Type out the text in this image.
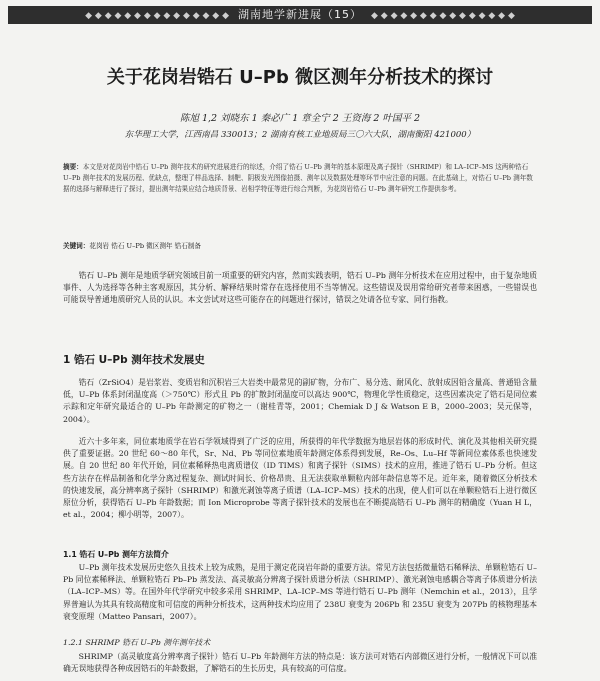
◆ ◆ ◆ ◆ ◆ ◆ ◆ ◆ ◆ ◆ ◆ ◆ ◆ ◆ ◆ 湖南地学新进展（15） ◆ ◆ ◆ ◆ ◆ ◆ ◆ ◆ ◆ ◆ ◆ ◆ ◆ ◆ ◆
关于花岗岩锆石 U–Pb 微区测年分析技术的探讨
陈旭 1,2 刘晓东 1 秦必广 1 章全宁 2 王资海 2 叶国平 2
东华理工大学，江西南昌 330013；2 湖南有核工业地质局三〇六大队，湖南衡阳 421000）
摘要：本文是对花岗岩中锆石 U–Pb 测年技术的研究进展进行的综述，介绍了锆石 U–Pb 测年的基本原理及离子探针（SHRIMP）和 LA–ICP–MS 这两种锆石 U–Pb 测年技术的发展历程、优缺点，整理了样品选择、制靶、阴极发光图像拍摄、测年以及数据处理等环节中应注意的问题。在此基础上，对锆石 U–Pb 测年数据的选择与解释进行了探讨，提出测年结果应结合地质背景、岩相学特征等进行综合判断，为花岗岩锆石 U–Pb 测年研究工作提供参考。
关键词：花岗岩 锆石 U–Pb 微区测年 锆石制备

锆石 U–Pb 测年是地质学研究领域目前一项重要的研究内容，然而实践表明，锆石 U–Pb 测年分析技术在应用过程中，由于复杂地质事件、人为选择等各种主客观原因，其分析、解释结果时常存在选择使用不当等情况。这些错误及误用常给研究者带来困惑，一些错误也可能误导普通地质研究人员的认识。本文尝试对这些可能存在的问题进行探讨，错误之处请各位专家、同行指教。

1 锆石 U–Pb 测年技术发展史

锆石（ZrSiO4）是岩浆岩、变质岩和沉积岩三大岩类中最常见的副矿物，分布广、易分选、耐风化、放射成因铅含量高、普通铅含量低，U–Pb 体系封闭温度高（＞750℃）形式且 Pb 的扩散封闭温度可以高达 900℃，物理化学性质稳定，这些因素决定了锆石是同位素示踪和定年研究最适合的 U–Pb 年龄测定的矿物之一（谢桂青等，2001；Chemiak D J & Watson E B，2000–2003；吴元保等，2004）。

近六十多年来，同位素地质学在岩石学领域得到了广泛的应用，所获得的年代学数据为地层岩体的形成时代、演化及其他相关研究提供了重要证据。20 世纪 60～80 年代，Sr、Nd、Pb 等同位素地质年龄测定体系得到发展，Re–Os、Lu–Hf 等新同位素体系也快速发展。自 20 世纪 80 年代开始，同位素稀释热电离质谱仪（ID TIMS）和离子探针（SIMS）技术的应用，推进了锆石 U–Pb 分析。但这些方法存在样品制备和化学分离过程复杂、测试时间长、价格昂贵、且无法获取单颗粒内部年龄信息等不足。近年来，随着微区分析技术的快速发展，高分辨率离子探针（SHRIMP）和激光剥蚀等离子质谱（LA–ICP–MS）技术的出现，使人们可以在单颗粒锆石上进行微区原位分析，获得锆石 U–Pb 年龄数据；而 Ion Microprobe 等离子探针技术的发展也在不断提高锆石 U–Pb 测年的精确度（Yuan H L，et al.，2004；柳小明等，2007）。

1.1 锆石 U–Pb 测年方法简介

U–Pb 测年技术发展历史悠久且技术上较为成熟，是用于测定花岗岩年龄的重要方法。常见方法包括微量锆石稀释法、单颗粒锆石 U–Pb 同位素稀释法、单颗粒锆石 Pb–Pb 蒸发法、高灵敏高分辨离子探针质谱分析法（SHRIMP）、激光剥蚀电感耦合等离子体质谱分析法（LA–ICP–MS）等。在国外年代学研究中较多采用 SHRIMP、LA–ICP–MS 等进行锆石 U–Pb 测年（Nemchin et al.，2013），且学界普遍认为其具有较高精度和可信度的两种分析技术，这两种技术均应用了 238U 衰变为 206Pb 和 235U 衰变为 207Pb 的核物理基本衰变原理（Matteo Pansari，2007）。

1.2.1 SHRIMP 锆石 U–Pb 测年测年技术

SHRIMP（高灵敏度高分辨率离子探针）锆石 U–Pb 年龄测年方法的特点是：该方法可对锆石内部微区进行分析，一般情况下可以准确无误地获得各种成因锆石的年龄数据，了解锆石的生长历史，具有较高的可信度。
